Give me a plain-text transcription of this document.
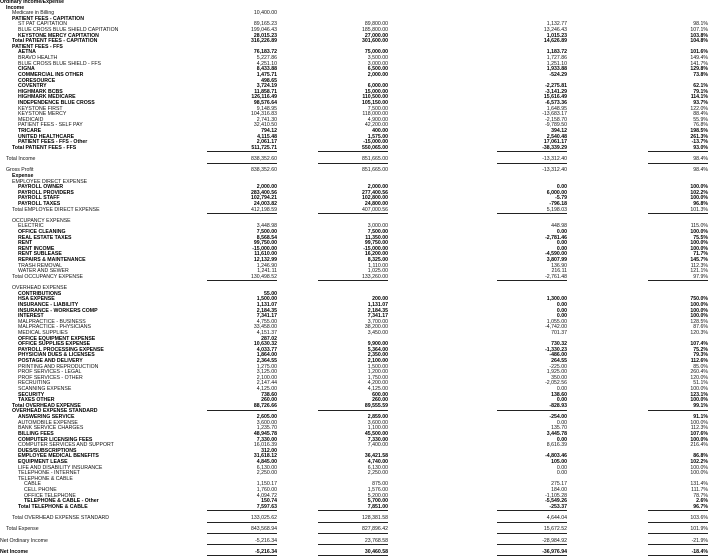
Ordinary Income/Expense
Income
Medicare in Billing	10,400.00
PATIENT FEES - CAPITATION
ST PAT CAPITATION	89,165.23	89,800.00	1,132.77	98.1%
BLUE CROSS BLUE SHIELD CAPITATION	199,046.43	185,800.00	13,246.43	107.1%
KEYSTONE MERCY CAPITATION	28,015.23	27,000.00	1,015.23	103.8%
Total PATIENT FEES - CAPITATION	316,226.89	301,600.00	14,626.89	104.8%
PATIENT FEES - FFS
AETNA	76,183.72	75,000.00	1,183.72	101.6%
BRAVO HEALTH	5,227.86	3,500.00	1,727.86	149.4%
BLUE CROSS BLUE SHIELD - FFS	4,251.10	3,000.00	1,251.10	141.7%
CIGNA	8,433.88	6,500.00	1,933.88	129.8%
COMMERCIAL INS OTHER	1,475.71	2,000.00	-524.29	73.8%
CORESOURCE	498.65
COVENTRY	3,724.19	6,000.00	-2,275.81	62.1%
HIGHMARK BCBS	11,858.71	15,000.00	-3,141.29	79.1%
HIGHMARK MEDICARE	126,116.49	110,500.00	15,616.49	114.1%
INDEPENDENCE BLUE CROSS	98,576.64	105,150.00	-6,573.36	93.7%
KEYSTONE FIRST	9,148.95	7,500.00	1,648.95	122.0%
KEYSTONE MERCY	104,316.83	118,000.00	-13,683.17	88.4%
MEDICAID	2,741.30	4,900.00	-2,158.70	55.9%
PATIENT FEES - SELF PAY	32,410.50	42,200.00	-9,789.50	76.8%
TRICARE	794.12	400.00	394.12	198.5%
UNITED HEALTHCARE	4,115.48	1,575.00	2,540.48	261.3%
PATIENT FEES - FFS - Other	2,061.17	-15,000.00	17,061.17	-13.7%
Total PATIENT FEES - FFS	511,725.71	550,065.00	-38,339.29	93.0%
Total Income	838,352.60	851,665.00	-13,312.40	98.4%
Gross Profit	838,352.60	851,665.00	-13,312.40	98.4%
Expense
EMPLOYEE DIRECT EXPENSE
PAYROLL OWNER	2,000.00	2,000.00	0.00	100.0%
PAYROLL PROVIDERS	283,400.56	277,400.56	6,000.00	102.2%
PAYROLL STAFF	102,794.21	102,800.00	-5.79	100.0%
PAYROLL TAXES	24,003.82	24,800.00	-796.18	96.8%
Total EMPLOYEE DIRECT EXPENSE	412,198.59	407,000.56	5,198.03	101.3%
OCCUPANCY EXPENSE
ELECTRIC	3,448.98	3,000.00	448.98	115.0%
OFFICE CLEANING	7,500.00	7,500.00	0.00	100.0%
REAL ESTATE TAXES	8,568.54	11,350.00	-2,781.46	75.5%
RENT	99,750.00	99,750.00	0.00	100.0%
RENT INCOME	-15,000.00	-15,000.00	0.00	100.0%
RENT SUBLEASE	11,610.00	16,200.00	-4,590.00	71.7%
REPAIRS & MAINTENANCE	12,132.99	8,325.00	3,807.99	145.7%
TRASH REMOVAL	1,246.90	1,110.00	136.90	112.3%
WATER AND SEWER	1,241.11	1,025.00	216.11	121.1%
Total OCCUPANCY EXPENSE	130,498.52	133,260.00	-2,761.48	97.9%
OVERHEAD EXPENSE
CONTRIBUTIONS	55.00
HSA EXPENSE	1,500.00	200.00	1,300.00	750.0%
INSURANCE - LIABILITY	1,131.07	1,131.07	0.00	100.0%
INSURANCE - WORKERS COMP	2,184.35	2,184.35	0.00	100.0%
INTEREST	7,341.17	7,341.17	0.00	100.0%
MALPRACTICE - BUSINESS	4,755.00	3,700.00	1,055.00	128.5%
MALPRACTICE - PHYSICIANS	33,458.00	38,200.00	-4,742.00	87.6%
MEDICAL SUPPLIES	4,151.37	3,450.00	701.37	120.3%
OFFICE EQUIPMENT EXPENSE	287.02
OFFICE SUPPLIES EXPENSE	10,630.32	9,900.00	730.32	107.4%
PAYROLL PROCESSING EXPENSE	4,033.77	5,364.00	-1,330.23	75.2%
PHYSICIAN DUES & LICENSES	1,864.00	2,350.00	-486.00	79.3%
POSTAGE AND DELIVERY	2,364.55	2,100.00	264.55	112.6%
PRINTING AND REPRODUCTION	1,275.00	1,500.00	-225.00	85.0%
PROF SERVICES - LEGAL	3,125.00	1,200.00	1,925.00	260.4%
PROF SERVICES - OTHER	2,100.00	1,750.00	350.00	120.0%
RECRUITING	2,147.44	4,200.00	-2,052.56	51.1%
SCANNING EXPENSE	4,125.00	4,125.00	0.00	100.0%
SECURITY	738.60	600.00	138.60	123.1%
TAXES OTHER	260.00	260.00	0.00	100.0%
Total OVERHEAD EXPENSE	88,726.66	89,555.59	-828.93	99.1%
OVERHEAD EXPENSE STANDARD
ANSWERING SERVICE	2,605.00	2,859.00	-254.00	91.1%
AUTOMOBILE EXPENSE	3,600.00	3,600.00	0.00	100.0%
BANK SERVICE CHARGES	1,235.70	1,100.00	135.70	112.3%
BILLING FEES	48,945.78	45,500.00	3,445.78	107.6%
COMPUTER LICENSING FEES	7,330.00	7,330.00	0.00	100.0%
COMPUTER SERVICES AND SUPPORT	16,016.39	7,400.00	8,616.39	216.4%
DUES/SUBSCRIPTIONS	312.00
EMPLOYEE MEDICAL BENEFITS	31,618.12	36,421.58	-4,803.46	86.8%
EQUIPMENT LEASE	4,845.00	4,740.00	105.00	102.2%
LIFE AND DISABILITY INSURANCE	6,130.00	6,130.00	0.00	100.0%
TELEPHONE - INTERNET	2,250.00	2,250.00	0.00	100.0%
TELEPHONE & CABLE
CABLE	1,150.17	875.00	275.17	131.4%
CELL PHONE	1,760.00	1,576.00	184.00	111.7%
OFFICE TELEPHONE	4,094.72	5,200.00	-1,105.28	78.7%
TELEPHONE & CABLE - Other	150.74	5,700.00	-5,549.26	2.6%
Total TELEPHONE & CABLE	7,597.63	7,851.00	-253.37	96.7%
Total OVERHEAD EXPENSE STANDARD	133,025.62	128,381.58	4,644.04	103.6%
Total Expense	843,568.94	827,896.42	15,672.52	101.9%
Net Ordinary Income	-5,216.34	23,768.58	-28,984.92	-21.9%
Net Income	-5,216.34	30,460.58	-36,976.94	-18.4%
